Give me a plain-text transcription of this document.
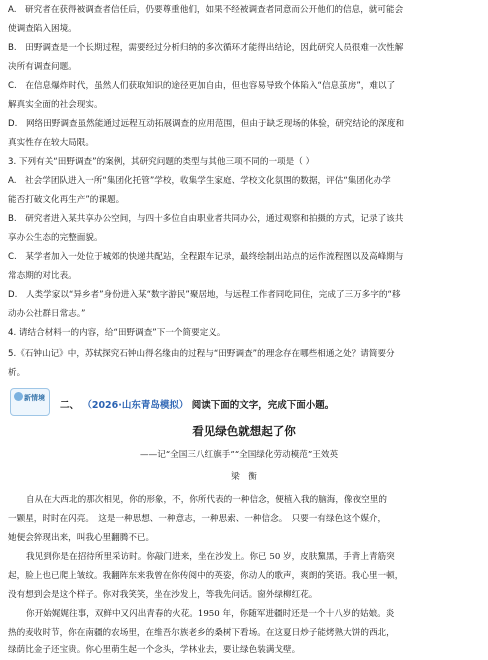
A.　研究者在获得被调查者信任后，仍要尊重他们，如果不经被调查者同意而公开他们的信息，就可能会
使调查陷入困境。
B.　田野调查是一个长期过程，需要经过分析归纳的多次循环才能得出结论，因此研究人员很难一次性解
决所有调查问题。
C.　在信息爆炸时代，虽然人们获取知识的途径更加自由，但也容易导致个体陷入“信息茧房”，难以了
解真实全面的社会现实。
D.　网络田野调查虽然能通过远程互动拓展调查的应用范围，但由于缺乏现场的体验，研究结论的深度和
真实性存在较大局限。
3. 下列有关“田野调查”的案例，其研究问题的类型与其他三项不同的一项是（ ）
A.　社会学团队进入一所“集团化托管”学校，收集学生家庭、学校文化氛围的数据，评估“集团化办学
能否打破文化再生产”的课题。
B.　研究者进入某共享办公空间，与四十多位自由职业者共同办公，通过观察和拍摄的方式，记录了该共
享办公生态的完整面貌。
C.　某学者加入一处位于城郊的快递共配站，全程跟车记录，最终绘制出站点的运作流程图以及高峰期与
常态期的对比表。
D.　人类学家以“异乡者”身份进入某“数字游民”聚居地，与远程工作者同吃同住，完成了三万多字的“移
动办公社群日常志。”
4. 请结合材料一的内容，给“田野调查”下一个简要定义。
5.《石钟山记》中，苏轼探究石钟山得名缘由的过程与“田野调查”的理念存在哪些相通之处？请简要分
析。
新情境
二、 （2026·山东青岛模拟） 阅读下面的文字，完成下面小题。
看见绿色就想起了你
——记“全国三八红旗手”“全国绿化劳动模范”王效英
梁　衡
自从在大西北的那次相见，你的形象，不，你所代表的一种信念，便植入我的脑海，像夜空里的
一颗星，时时在闪亮。　这是一种思想、一种意志，一种思索、一种信念。　只要一有绿色这个媒介，
她便会猝现出来，叫我心里翻腾不已。
我见到你是在招待所里采访时。你敲门进来，坐在沙发上。你已 50 岁，皮肤黧黑，手背上青筋突
起，脸上也已爬上皱纹。我翻阵东来我曾在你传阅中的英姿，你动人的歌声，爽朗的笑语。我心里一顿，
没有想到会是这个样子。你对我笑笑，坐在沙发上，等我先问话。窗外绿柳红花。
你开始娓娓往事，双鲜中又闪出青春的火花。1950 年，你随军进疆时还是一个十八岁的姑娘。炎
热的麦收时节，你在南疆的农场里，在维吾尔族老乡的桑树下看场。在这夏日炒子能烤熟大饼的西北，
绿荫比金子还宝贵。你心里萌生起一个念头，学林业去，要让绿色装满戈壁。
